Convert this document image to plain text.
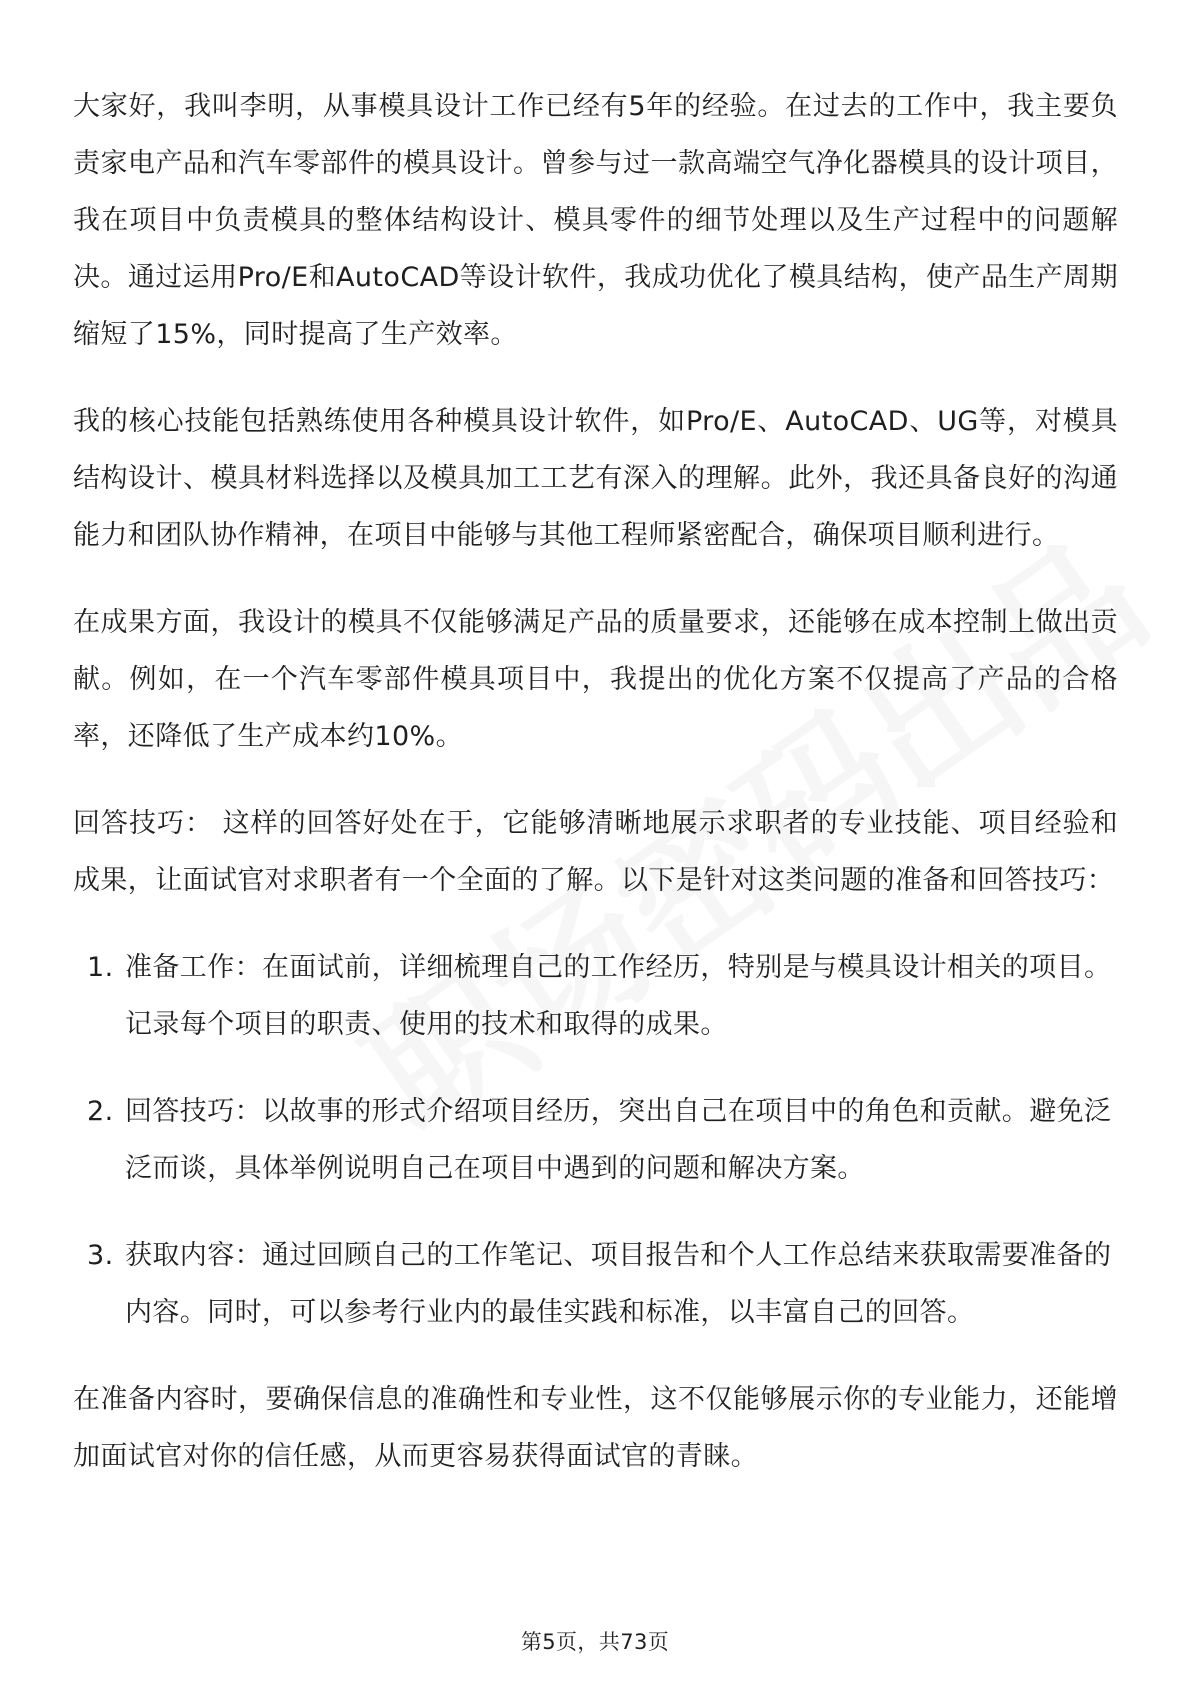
大家好，我叫李明，从事模具设计工作已经有5年的经验。在过去的工作中，我主要负责家电产品和汽车零部件的模具设计。曾参与过一款高端空气净化器模具的设计项目，我在项目中负责模具的整体结构设计、模具零件的细节处理以及生产过程中的问题解决。通过运用Pro/E和AutoCAD等设计软件，我成功优化了模具结构，使产品生产周期缩短了15%，同时提高了生产效率。

我的核心技能包括熟练使用各种模具设计软件，如Pro/E、AutoCAD、UG等，对模具结构设计、模具材料选择以及模具加工工艺有深入的理解。此外，我还具备良好的沟通能力和团队协作精神，在项目中能够与其他工程师紧密配合，确保项目顺利进行。

在成果方面，我设计的模具不仅能够满足产品的质量要求，还能够在成本控制上做出贡献。例如，在一个汽车零部件模具项目中，我提出的优化方案不仅提高了产品的合格率，还降低了生产成本约10%。

回答技巧： 这样的回答好处在于，它能够清晰地展示求职者的专业技能、项目经验和成果，让面试官对求职者有一个全面的了解。以下是针对这类问题的准备和回答技巧：

1. 准备工作：在面试前，详细梳理自己的工作经历，特别是与模具设计相关的项目。记录每个项目的职责、使用的技术和取得的成果。
2. 回答技巧：以故事的形式介绍项目经历，突出自己在项目中的角色和贡献。避免泛泛而谈，具体举例说明自己在项目中遇到的问题和解决方案。
3. 获取内容：通过回顾自己的工作笔记、项目报告和个人工作总结来获取需要准备的内容。同时，可以参考行业内的最佳实践和标准，以丰富自己的回答。

在准备内容时，要确保信息的准确性和专业性，这不仅能够展示你的专业能力，还能增加面试官对你的信任感，从而更容易获得面试官的青睐。

第5页，共73页
